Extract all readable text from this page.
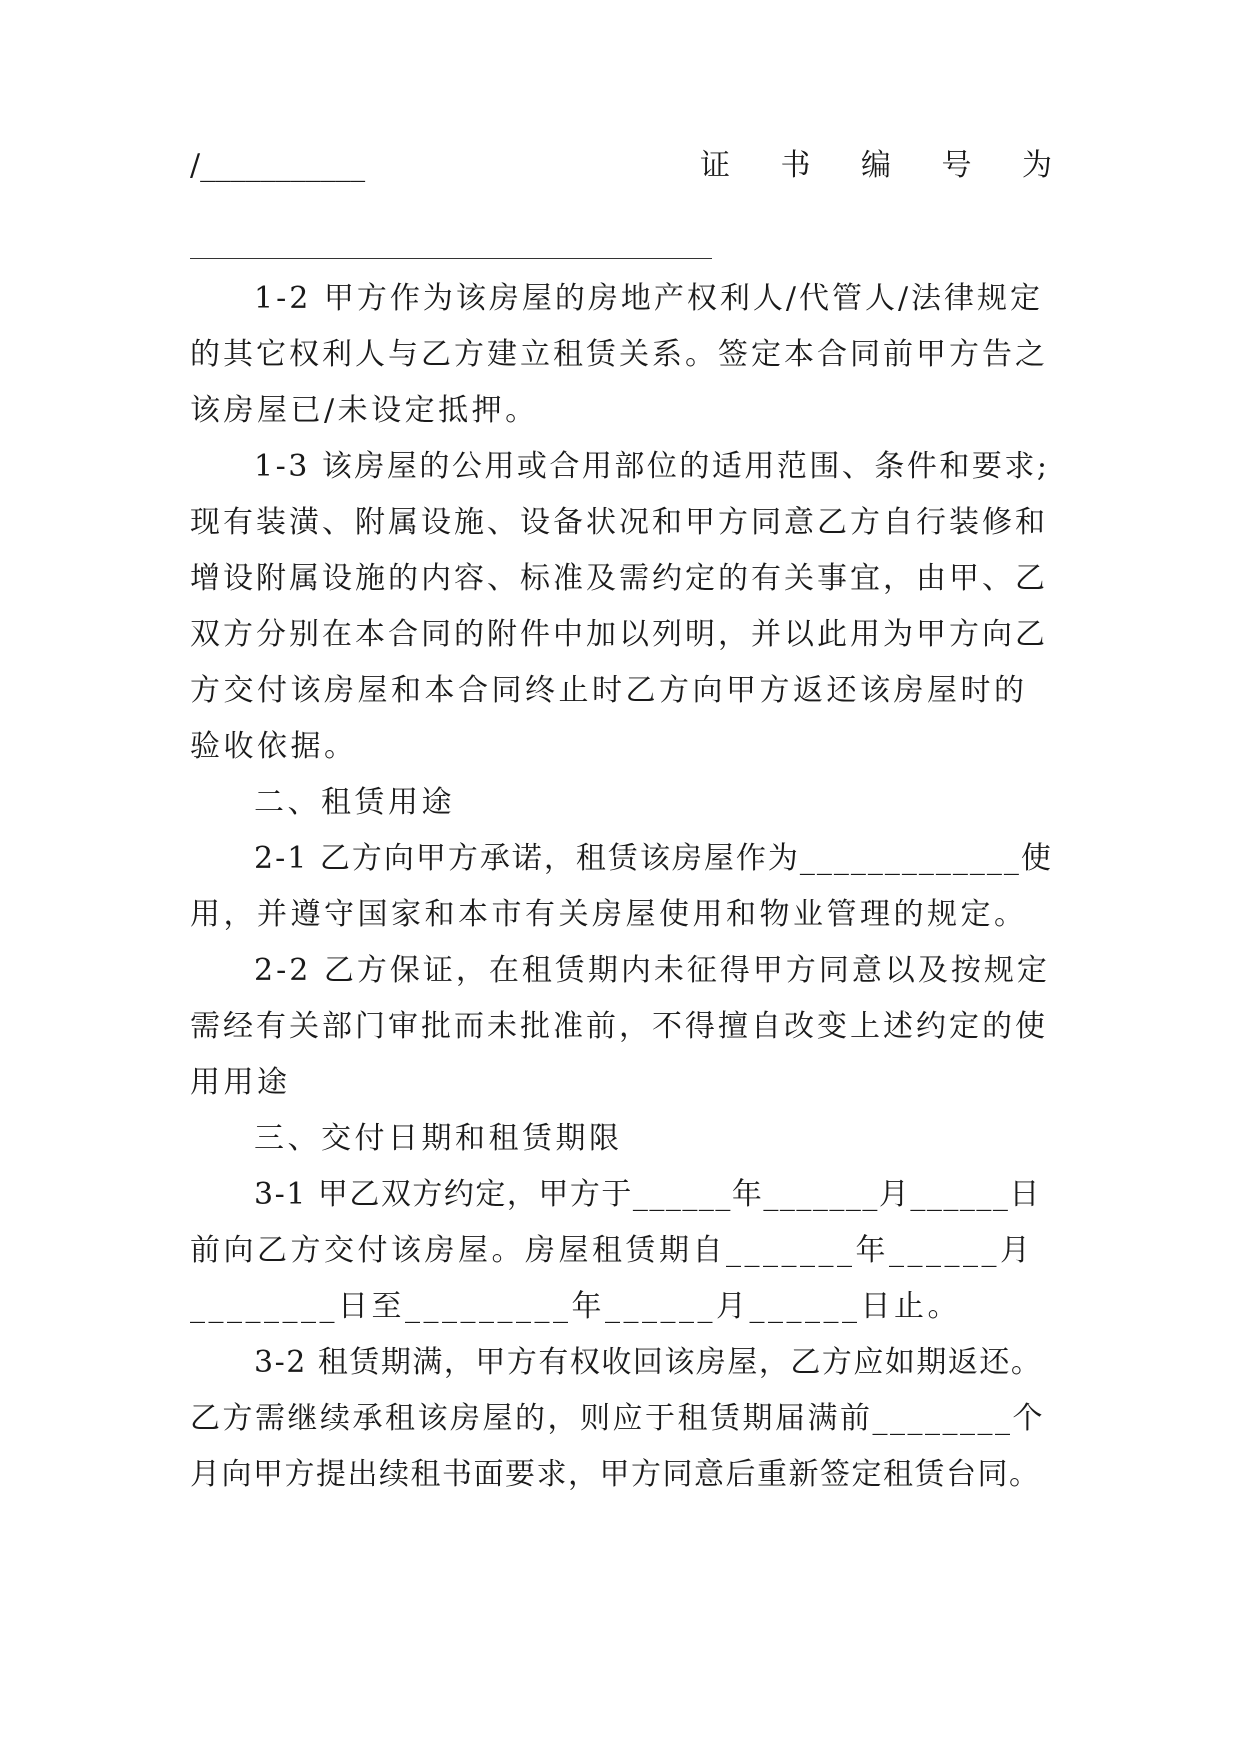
/___________	证 书 编 号 为
1-2 甲方作为该房屋的房地产权利人/代管人/法律规定
的其它权利人与乙方建立租赁关系。签定本合同前甲方告之
该房屋已/未设定抵押。
1-3 该房屋的公用或合用部位的适用范围、条件和要求;
现有装潢、附属设施、设备状况和甲方同意乙方自行装修和
增设附属设施的内容、标准及需约定的有关事宜，由甲、乙
双方分别在本合同的附件中加以列明，并以此用为甲方向乙
方交付该房屋和本合同终止时乙方向甲方返还该房屋时的
验收依据。
二、租赁用途
2-1 乙方向甲方承诺，租赁该房屋作为_____________使
用，并遵守国家和本市有关房屋使用和物业管理的规定。
2-2 乙方保证，在租赁期内未征得甲方同意以及按规定
需经有关部门审批而未批准前，不得擅自改变上述约定的使
用用途
三、交付日期和租赁期限
3-1 甲乙双方约定，甲方于______年_______月______日
前向乙方交付该房屋。房屋租赁期自_______年______月
________日至_________年______月______日止。
3-2 租赁期满，甲方有权收回该房屋，乙方应如期返还。
乙方需继续承租该房屋的，则应于租赁期届满前________个
月向甲方提出续租书面要求，甲方同意后重新签定租赁台同。
